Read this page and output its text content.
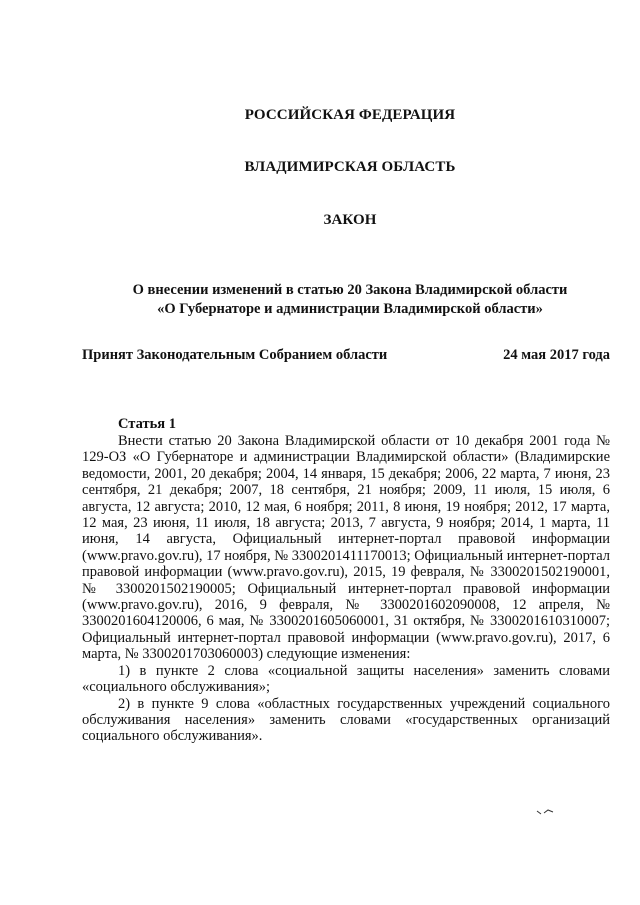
РОССИЙСКАЯ ФЕДЕРАЦИЯ
ВЛАДИМИРСКАЯ ОБЛАСТЬ
ЗАКОН
О внесении изменений в статью 20 Закона Владимирской области
«О Губернаторе и администрации Владимирской области»
Принят Законодательным Собранием области	24 мая 2017 года
Статья 1

Внести статью 20 Закона Владимирской области от 10 декабря 2001 года № 129-ОЗ «О Губернаторе и администрации Владимирской области» (Владимирские ведомости, 2001, 20 декабря; 2004, 14 января, 15 декабря; 2006, 22 марта, 7 июня, 23 сентября, 21 декабря; 2007, 18 сентября, 21 ноября; 2009, 11 июля, 15 июля, 6 августа, 12 августа; 2010, 12 мая, 6 ноября; 2011, 8 июня, 19 ноября; 2012, 17 марта, 12 мая, 23 июня, 11 июля, 18 августа; 2013, 7 августа, 9 ноября; 2014, 1 марта, 11 июня, 14 августа, Официальный интернет-портал правовой информации (www.pravo.gov.ru), 17 ноября, № 3300201411170013; Официальный интернет-портал правовой информации (www.pravo.gov.ru), 2015, 19 февраля, № 3300201502190001, № 3300201502190005; Официальный интернет-портал правовой информации (www.pravo.gov.ru), 2016, 9 февраля, № 3300201602090008, 12 апреля, № 3300201604120006, 6 мая, № 3300201605060001, 31 октября, № 3300201610310007; Официальный интернет-портал правовой информации (www.pravo.gov.ru), 2017, 6 марта, № 3300201703060003) следующие изменения:

1) в пункте 2 слова «социальной защиты населения» заменить словами «социального обслуживания»;

2) в пункте 9 слова «областных государственных учреждений социального обслуживания населения» заменить словами «государственных организаций социального обслуживания».
